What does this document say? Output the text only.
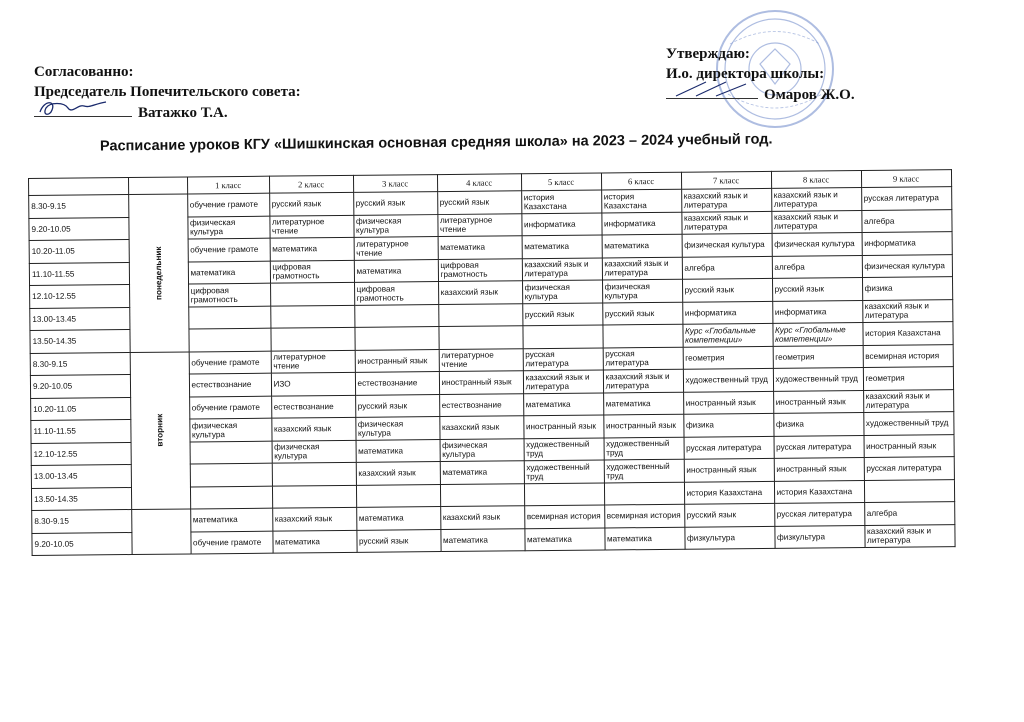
Согласованно:
Председатель Попечительского совета:
Ватажко Т.А.
Утверждаю:
И.о. директора школы:
Омаров Ж.О.
Расписание уроков КГУ «Шишкинская основная средняя школа» на 2023 – 2024 учебный год.
		1 класс	2 класс	3 класс	4 класс	5 класс	6 класс	7 класс	8 класс	9 класс
8.30-9.15	понедельник	обучение грамоте	русский язык	русский язык	русский язык	история Казахстана	история Казахстана	казахский язык и литература	казахский язык и литература	русская литература
9.20-10.05		физическая культура	литературное чтение	физическая культура	литературное чтение	информатика	информатика	казахский язык и литература	казахский язык и литература	алгебра
10.20-11.05		обучение грамоте	математика	литературное чтение	математика	математика	математика	физическая культура	физическая культура	информатика
11.10-11.55		математика	цифровая грамотность	математика	цифровая грамотность	казахский язык и литература	казахский язык и литература	алгебра	алгебра	физическая культура
12.10-12.55		цифровая грамотность		цифровая грамотность	казахский язык	физическая культура	физическая культура	русский язык	русский язык	физика
13.00-13.45						русский язык	русский язык	информатика	информатика	казахский язык и литература
13.50-14.35								Курс «Глобальные компетенции»	Курс «Глобальные компетенции»	история Казахстана
8.30-9.15	вторник	обучение грамоте	литературное чтение	иностранный язык	литературное чтение	русская литература	русская литература	геометрия	геометрия	всемирная история
9.20-10.05		естествознание	ИЗО	естествознание	иностранный язык	казахский язык и литература	казахский язык и литература	художественный труд	художественный труд	геометрия
10.20-11.05		обучение грамоте	естествознание	русский язык	естествознание	математика	математика	иностранный язык	иностранный язык	казахский язык и литература
11.10-11.55		физическая культура	казахский язык	физическая культура	казахский язык	иностранный язык	иностранный язык	физика	физика	художественный труд
12.10-12.55			физическая культура	математика	физическая культура	художественный труд	художественный труд	русская литература	русская литература	иностранный язык
13.00-13.45				казахский язык	математика	художественный труд	художественный труд	иностранный язык	иностранный язык	русская литература
13.50-14.35								история Казахстана	история Казахстана	
8.30-9.15		математика	казахский язык	математика	казахский язык	всемирная история	всемирная история	русский язык	русская литература	алгебра
9.20-10.05		обучение грамоте	математика	русский язык	математика	математика	математика	физкультура	физкультура	казахский язык и литература
